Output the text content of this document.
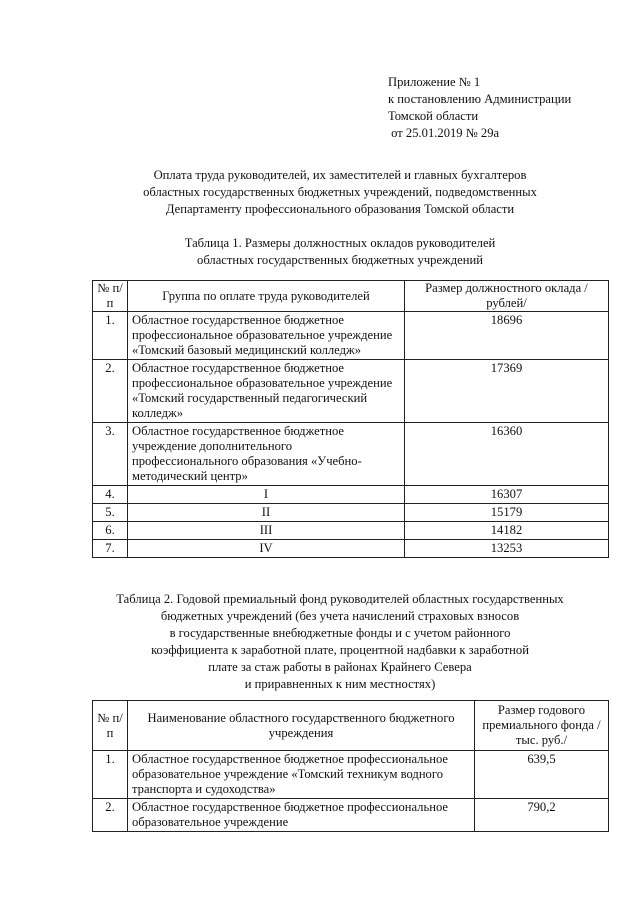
Приложение № 1
к постановлению Администрации
Томской области
от 25.01.2019 № 29а
Оплата труда руководителей, их заместителей и главных бухгалтеров
областных государственных бюджетных учреждений, подведомственных
Департаменту профессионального образования Томской области
Таблица 1. Размеры должностных окладов руководителей
областных государственных бюджетных учреждений
№ п/п	Группа по оплате труда руководителей	Размер должностного оклада /рублей/
1.	Областное государственное бюджетное профессиональное образовательное учреждение «Томский базовый медицинский колледж»	18696
2.	Областное государственное бюджетное профессиональное образовательное учреждение «Томский государственный педагогический колледж»	17369
3.	Областное государственное бюджетное учреждение дополнительного профессионального образования «Учебно-методический центр»	16360
4.	I	16307
5.	II	15179
6.	III	14182
7.	IV	13253
Таблица 2. Годовой премиальный фонд руководителей областных государственных
бюджетных учреждений (без учета начислений страховых взносов
в государственные внебюджетные фонды и с учетом районного
коэффициента к заработной плате, процентной надбавки к заработной
плате за стаж работы в районах Крайнего Севера
и приравненных к ним местностях)
№ п/п	Наименование областного государственного бюджетного учреждения	Размер годового премиального фонда /тыс. руб./
1.	Областное государственное бюджетное профессиональное образовательное учреждение «Томский техникум водного транспорта и судоходства»	639,5
2.	Областное государственное бюджетное профессиональное образовательное учреждение	790,2
